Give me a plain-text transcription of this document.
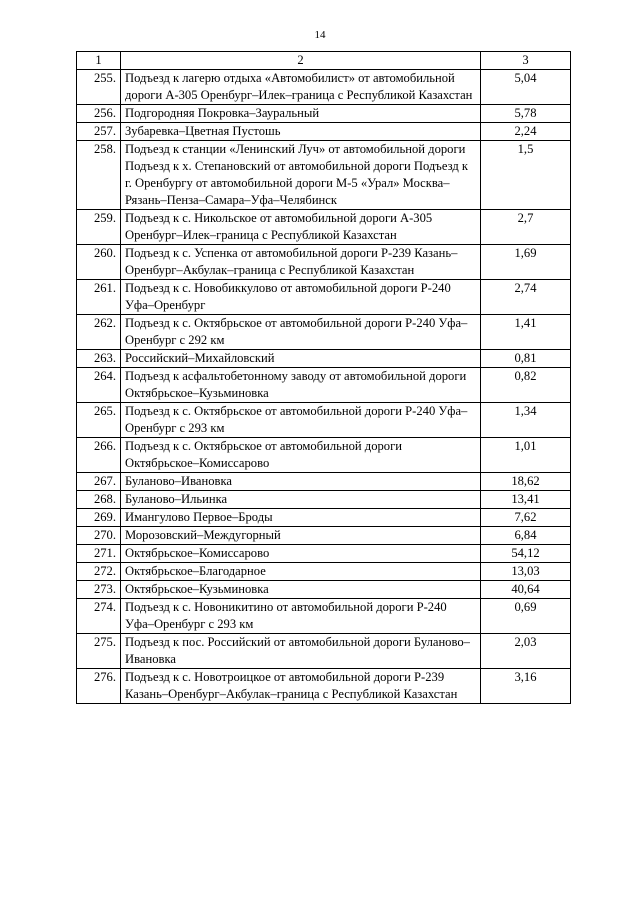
14
1	2	3
255.	Подъезд к лагерю отдыха «Автомобилист» от автомобильной дороги А-305 Оренбург–Илек–граница с Республикой Казахстан	5,04
256.	Подгородняя Покровка–Зауральный	5,78
257.	Зубаревка–Цветная Пустошь	2,24
258.	Подъезд к станции «Ленинский Луч» от автомобильной дороги Подъезд к х. Степановский от автомобильной дороги Подъезд к г. Оренбургу от автомобильной дороги М-5 «Урал» Москва–Рязань–Пенза–Самара–Уфа–Челябинск	1,5
259.	Подъезд к с. Никольское от автомобильной дороги А-305 Оренбург–Илек–граница с Республикой Казахстан	2,7
260.	Подъезд к с. Успенка от автомобильной дороги Р-239 Казань–Оренбург–Акбулак–граница с Республикой Казахстан	1,69
261.	Подъезд к с. Новобиккулово от автомобильной дороги Р-240 Уфа–Оренбург	2,74
262.	Подъезд к с. Октябрьское от автомобильной дороги Р-240 Уфа–Оренбург с 292 км	1,41
263.	Российский–Михайловский	0,81
264.	Подъезд к асфальтобетонному заводу от автомобильной дороги Октябрьское–Кузьминовка	0,82
265.	Подъезд к с. Октябрьское от автомобильной дороги Р-240 Уфа–Оренбург с 293 км	1,34
266.	Подъезд к с. Октябрьское от автомобильной дороги Октябрьское–Комиссарово	1,01
267.	Буланово–Ивановка	18,62
268.	Буланово–Ильинка	13,41
269.	Имангулово Первое–Броды	7,62
270.	Морозовский–Междугорный	6,84
271.	Октябрьское–Комиссарово	54,12
272.	Октябрьское–Благодарное	13,03
273.	Октябрьское–Кузьминовка	40,64
274.	Подъезд к с. Новоникитино от автомобильной дороги Р-240 Уфа–Оренбург с 293 км	0,69
275.	Подъезд к пос. Российский от автомобильной дороги Буланово–Ивановка	2,03
276.	Подъезд к с. Новотроицкое от автомобильной дороги Р-239 Казань–Оренбург–Акбулак–граница с Республикой Казахстан	3,16
